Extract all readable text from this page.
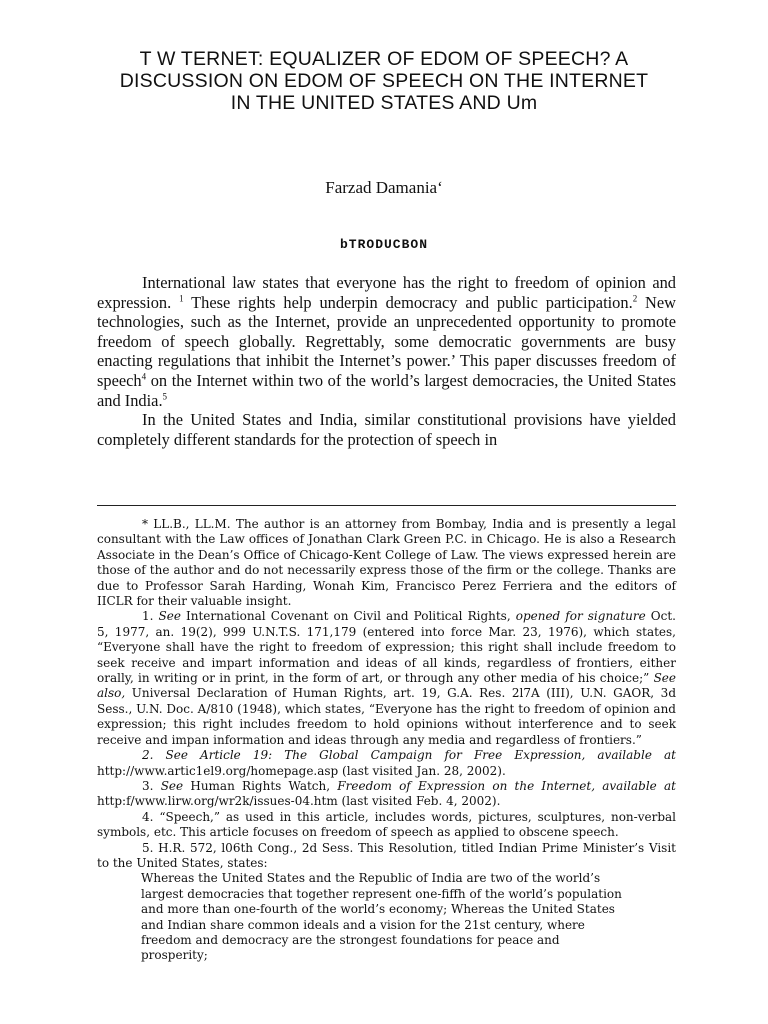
T W TERNET: EQUALIZER OF EDOM OF SPEECH? A
DISCUSSION ON EDOM OF SPEECH ON THE INTERNET
IN THE UNITED STATES AND Um
Farzad Damania‘
bTRODUCBON

International law states that everyone has the right to freedom of opinion and expression. $^1$ These rights help underpin democracy and public participation.$^2$ New technologies, such as the Internet, provide an unprecedented opportunity to promote freedom of speech globally. Regrettably, some democratic governments are busy enacting regulations that inhibit the Internet’s power.’ This paper discusses freedom of speech$^4$ on the Internet within two of the world’s largest democracies, the United States and India.$^5$

In the United States and India, similar constitutional provisions have yielded completely different standards for the protection of speech in

* LL.B., LL.M. The author is an attorney from Bombay, India and is presently a legal consultant with the Law offices of Jonathan Clark Green P.C. in Chicago. He is also a Research Associate in the Dean’s Office of Chicago-Kent College of Law. The views expressed herein are those of the author and do not necessarily express those of the firm or the college. Thanks are due to Professor Sarah Harding, Wonah Kim, Francisco Perez Ferriera and the editors of IICLR for their valuable insight.

1. See International Covenant on Civil and Political Rights, opened for signature Oct. 5, 1977, an. 19(2), 999 U.N.T.S. 171,179 (entered into force Mar. 23, 1976), which states, “Everyone shall have the right to freedom of expression; this right shall include freedom to seek receive and impart information and ideas of all kinds, regardless of frontiers, either orally, in writing or in print, in the form of art, or through any other media of his choice;” See also, Universal Declaration of Human Rights, art. 19, G.A. Res. 2l7A (III), U.N. GAOR, 3d Sess., U.N. Doc. A/810 (1948), which states, “Everyone has the right to freedom of opinion and expression; this right includes freedom to hold opinions without interference and to seek receive and impan information and ideas through any media and regardless of frontiers.”

2. See Article 19: The Global Campaign for Free Expression, available at http://www.artic1el9.org/homepage.asp (last visited Jan. 28, 2002).

3. See Human Rights Watch, Freedom of Expression on the Internet, available at http:f/www.lirw.org/wr2k/issues-04.htm (last visited Feb. 4, 2002).

4. “Speech,” as used in this article, includes words, pictures, sculptures, non-verbal symbols, etc. This article focuses on freedom of speech as applied to obscene speech.

5. H.R. 572, l06th Cong., 2d Sess. This Resolution, titled Indian Prime Minister’s Visit to the United States, states:

Whereas the United States and the Republic of India are two of the world’s largest democracies that together represent one-fiffh of the world’s population and more than one-fourth of the world’s economy; Whereas the United States and Indian share common ideals and a vision for the 21st century, where freedom and democracy are the strongest foundations for peace and prosperity;
